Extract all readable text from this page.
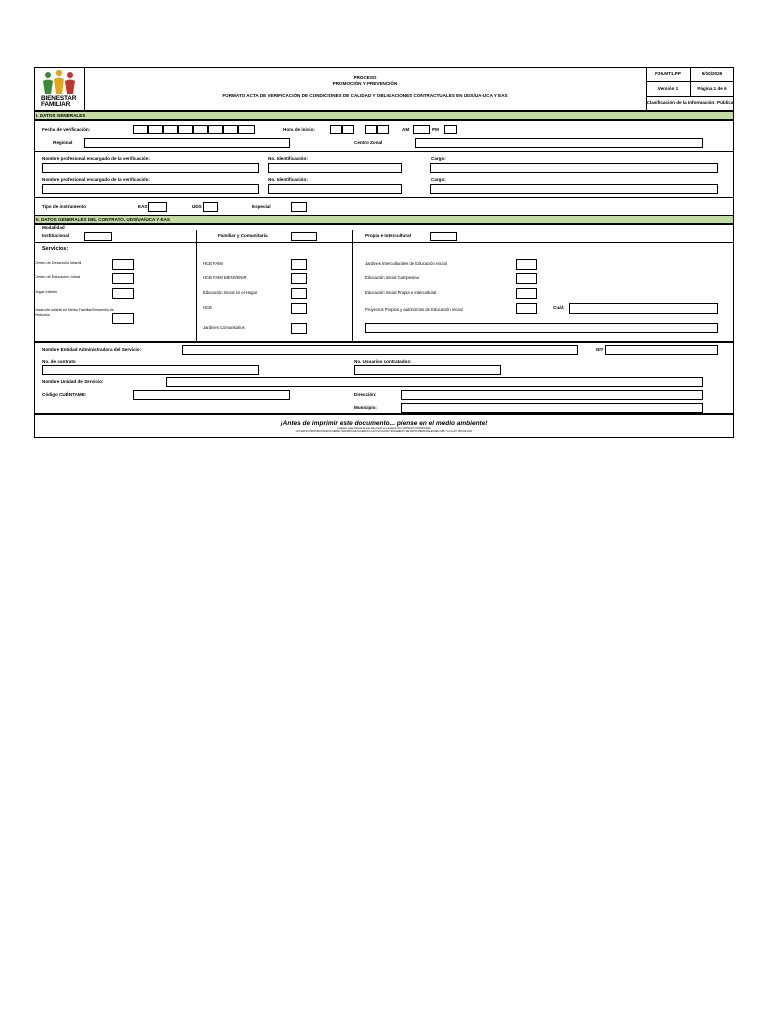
BIENESTAR
FAMILIAR
PROCESO
PROMOCIÓN Y PREVENCIÓN
FORMATO ACTA DE VERIFICACIÓN DE CONDICIONES DE CALIDAD Y OBLIGACIONES CONTRACTUALES EN UDS/UA-UCA Y EAS
F25.MT1.PP	5/10/2025
Versión 1	Página 1 de 6
Clasificación de la Información: Pública
I. DATOS GENERALES
Fecha de verificación:	Hora de inicio:	AM	PM
Regional	Centro Zonal
Nombre profesional encargado de la verificación:	No. Identificación:	Cargo:
Nombre profesional encargado de la verificación:	No. Identificación:	Cargo:
Tipo de instrumento	EAS	UDS	Especial
II. DATOS GENERALES DEL CONTRATO, UDS/UA/UCA Y EAS
Modalidad
Institucional	Familiar y Comunitaria	Propia e Intercultural
Servicios:
Centro de Desarrollo Infantil
Centro de Educación Inicial
Hogar Infantil
Desarrollo Infantil en Medio Familiar/Desarrollo de Reclusión
HCB FAMI
HCB FAMI BIENVENIR
Educación Inicial en el Hogar
HCB
Jardines Comunitarios
Jardines Interculturales de Educación Inicial
Educación Inicial Campesina
Educación Inicial Propia e Intercultural
Proyectos Propios y autónomos de Educación Inicial	Cuál:
Nombre Entidad Administradora del Servicio:	NIT
No. de contrato	No. Usuarios contratados:
Nombre Unidad de Servicio:
Código CUÉNTAME:	Dirección:
Municipio:
¡Antes de imprimir este documento... piense en el medio ambiente!
Cualquier copia impresa de este documento se considera como COPIA NO CONTROLADA
LOS DATOS PROPORCIONADOS SERÁN TRATADOS DE ACUERDO A LA POLÍTICA DE TRATAMIENTO DE DATOS PERSONALES DEL ICBF Y A LA LEY 1581 DE 2012
